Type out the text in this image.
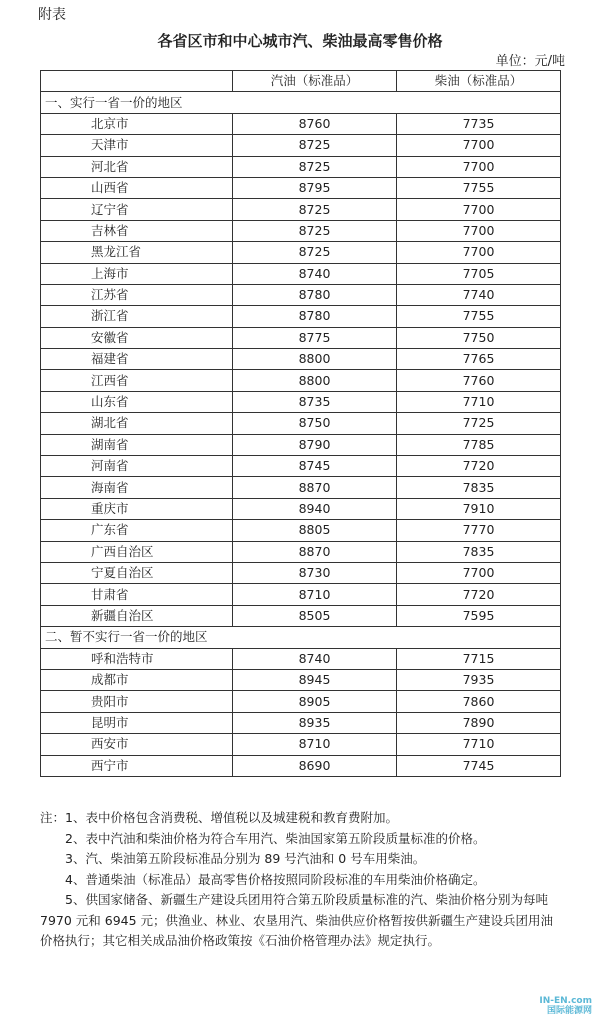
附表
各省区市和中心城市汽、柴油最高零售价格
单位：元/吨
	汽油（标准品）	柴油（标准品）
一、实行一省一价的地区		
北京市	8760	7735
天津市	8725	7700
河北省	8725	7700
山西省	8795	7755
辽宁省	8725	7700
吉林省	8725	7700
黑龙江省	8725	7700
上海市	8740	7705
江苏省	8780	7740
浙江省	8780	7755
安徽省	8775	7750
福建省	8800	7765
江西省	8800	7760
山东省	8735	7710
湖北省	8750	7725
湖南省	8790	7785
河南省	8745	7720
海南省	8870	7835
重庆市	8940	7910
广东省	8805	7770
广西自治区	8870	7835
宁夏自治区	8730	7700
甘肃省	8710	7720
新疆自治区	8505	7595
二、暂不实行一省一价的地区		
呼和浩特市	8740	7715
成都市	8945	7935
贵阳市	8905	7860
昆明市	8935	7890
西安市	8710	7710
西宁市	8690	7745

注：1、表中价格包含消费税、增值税以及城建税和教育费附加。

2、表中汽油和柴油价格为符合车用汽、柴油国家第五阶段质量标准的价格。

3、汽、柴油第五阶段标准品分别为 89 号汽油和 0 号车用柴油。

4、普通柴油（标准品）最高零售价格按照同阶段标准的车用柴油价格确定。

5、供国家储备、新疆生产建设兵团用符合第五阶段质量标准的汽、柴油价格分别为每吨 7970 元和 6945 元；供渔业、林业、农垦用汽、柴油供应价格暂按供新疆生产建设兵团用油价格执行；其它相关成品油价格政策按《石油价格管理办法》规定执行。

IN-EN.com
国际能源网
